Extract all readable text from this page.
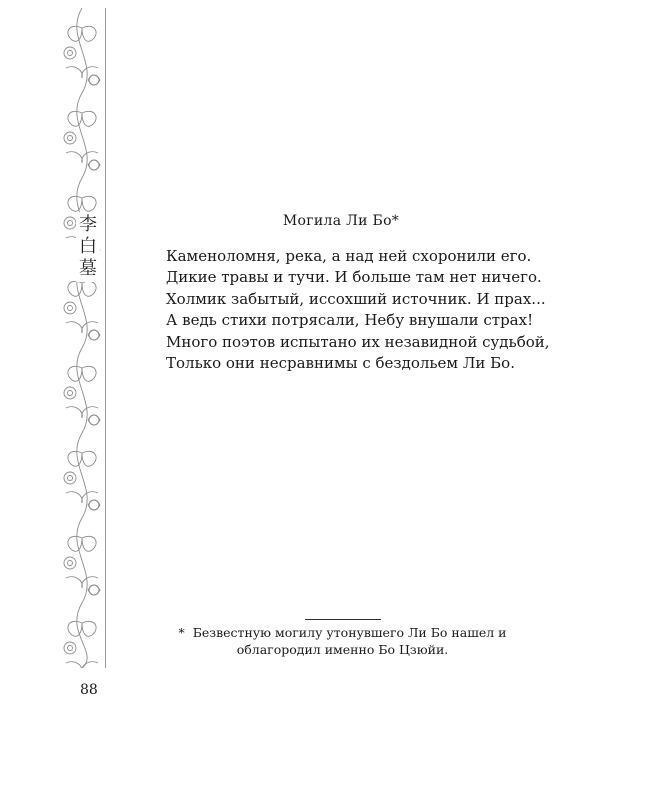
李
白
墓
Могила Ли Бо*
Каменоломня, река, а над ней схоронили его.
Дикие травы и тучи. И больше там нет ничего.
Холмик забытый, иссохший источник. И прах...
А ведь стихи потрясали, Небу внушали страх!
Много поэтов испытано их незавидной судьбой,
Только они несравнимы с бездольем Ли Бо.
* Безвестную могилу утонувшего Ли Бо нашел и облагородил именно Бо Цзюйи.
88
